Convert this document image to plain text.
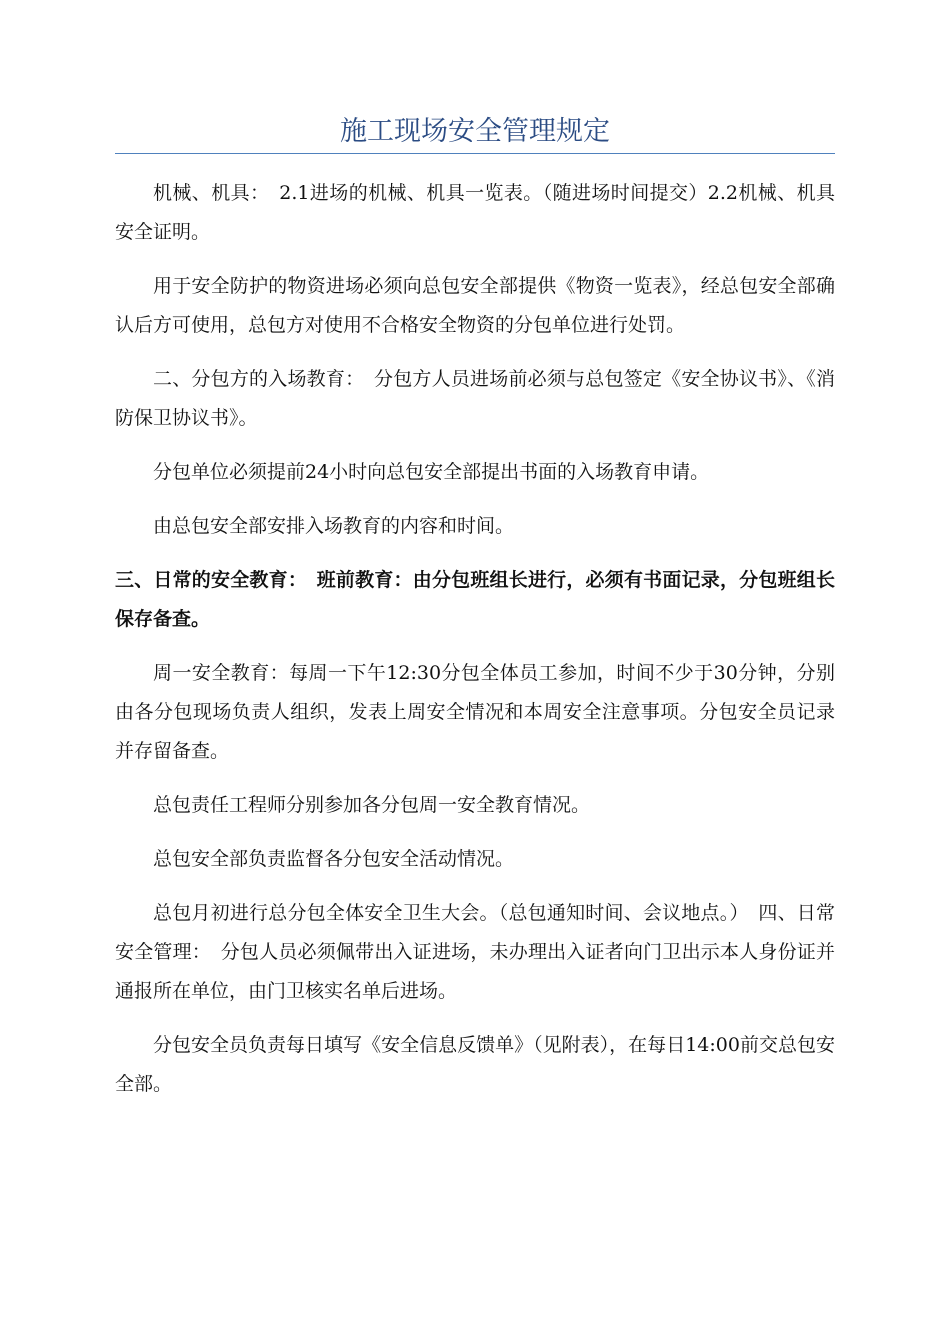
施工现场安全管理规定

机械、机具：　2.1进场的机械、机具一览表。（随进场时间提交）2.2机械、机具安全证明。

用于安全防护的物资进场必须向总包安全部提供《物资一览表》，经总包安全部确认后方可使用，总包方对使用不合格安全物资的分包单位进行处罚。

二、分包方的入场教育：　分包方人员进场前必须与总包签定《安全协议书》、《消防保卫协议书》。

分包单位必须提前24小时向总包安全部提出书面的入场教育申请。

由总包安全部安排入场教育的内容和时间。

三、日常的安全教育：　班前教育：由分包班组长进行，必须有书面记录，分包班组长保存备查。

周一安全教育：每周一下午12:30分包全体员工参加，时间不少于30分钟，分别由各分包现场负责人组织，发表上周安全情况和本周安全注意事项。分包安全员记录并存留备查。

总包责任工程师分别参加各分包周一安全教育情况。

总包安全部负责监督各分包安全活动情况。

总包月初进行总分包全体安全卫生大会。（总包通知时间、会议地点。）　四、日常安全管理：　分包人员必须佩带出入证进场，未办理出入证者向门卫出示本人身份证并通报所在单位，由门卫核实名单后进场。

分包安全员负责每日填写《安全信息反馈单》（见附表），在每日14:00前交总包安全部。
